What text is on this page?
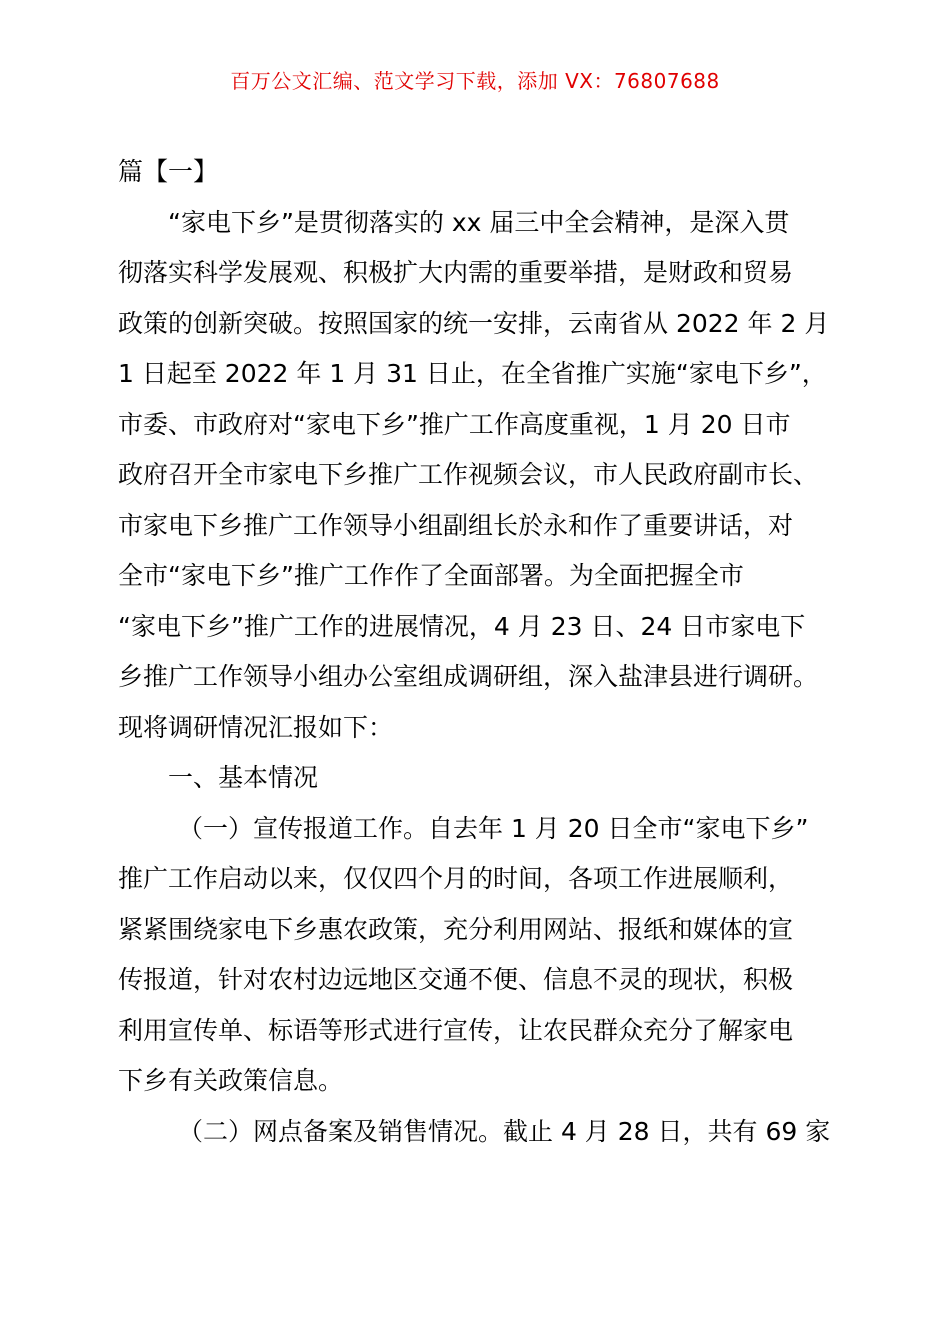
百万公文汇编、范文学习下载，添加 VX：76807688
篇【一】
“家电下乡”是贯彻落实的 xx 届三中全会精神，是深入贯
彻落实科学发展观、积极扩大内需的重要举措，是财政和贸易
政策的创新突破。按照国家的统一安排，云南省从 2022 年 2 月
1 日起至 2022 年 1 月 31 日止，在全省推广实施“家电下乡”，
市委、市政府对“家电下乡”推广工作高度重视，1 月 20 日市
政府召开全市家电下乡推广工作视频会议，市人民政府副市长、
市家电下乡推广工作领导小组副组长於永和作了重要讲话，对
全市“家电下乡”推广工作作了全面部署。为全面把握全市
“家电下乡”推广工作的进展情况，4 月 23 日、24 日市家电下
乡推广工作领导小组办公室组成调研组，深入盐津县进行调研。
现将调研情况汇报如下：
一、基本情况
（一）宣传报道工作。自去年 1 月 20 日全市“家电下乡”
推广工作启动以来，仅仅四个月的时间，各项工作进展顺利，
紧紧围绕家电下乡惠农政策，充分利用网站、报纸和媒体的宣
传报道，针对农村边远地区交通不便、信息不灵的现状，积极
利用宣传单、标语等形式进行宣传，让农民群众充分了解家电
下乡有关政策信息。
（二）网点备案及销售情况。截止 4 月 28 日，共有 69 家
